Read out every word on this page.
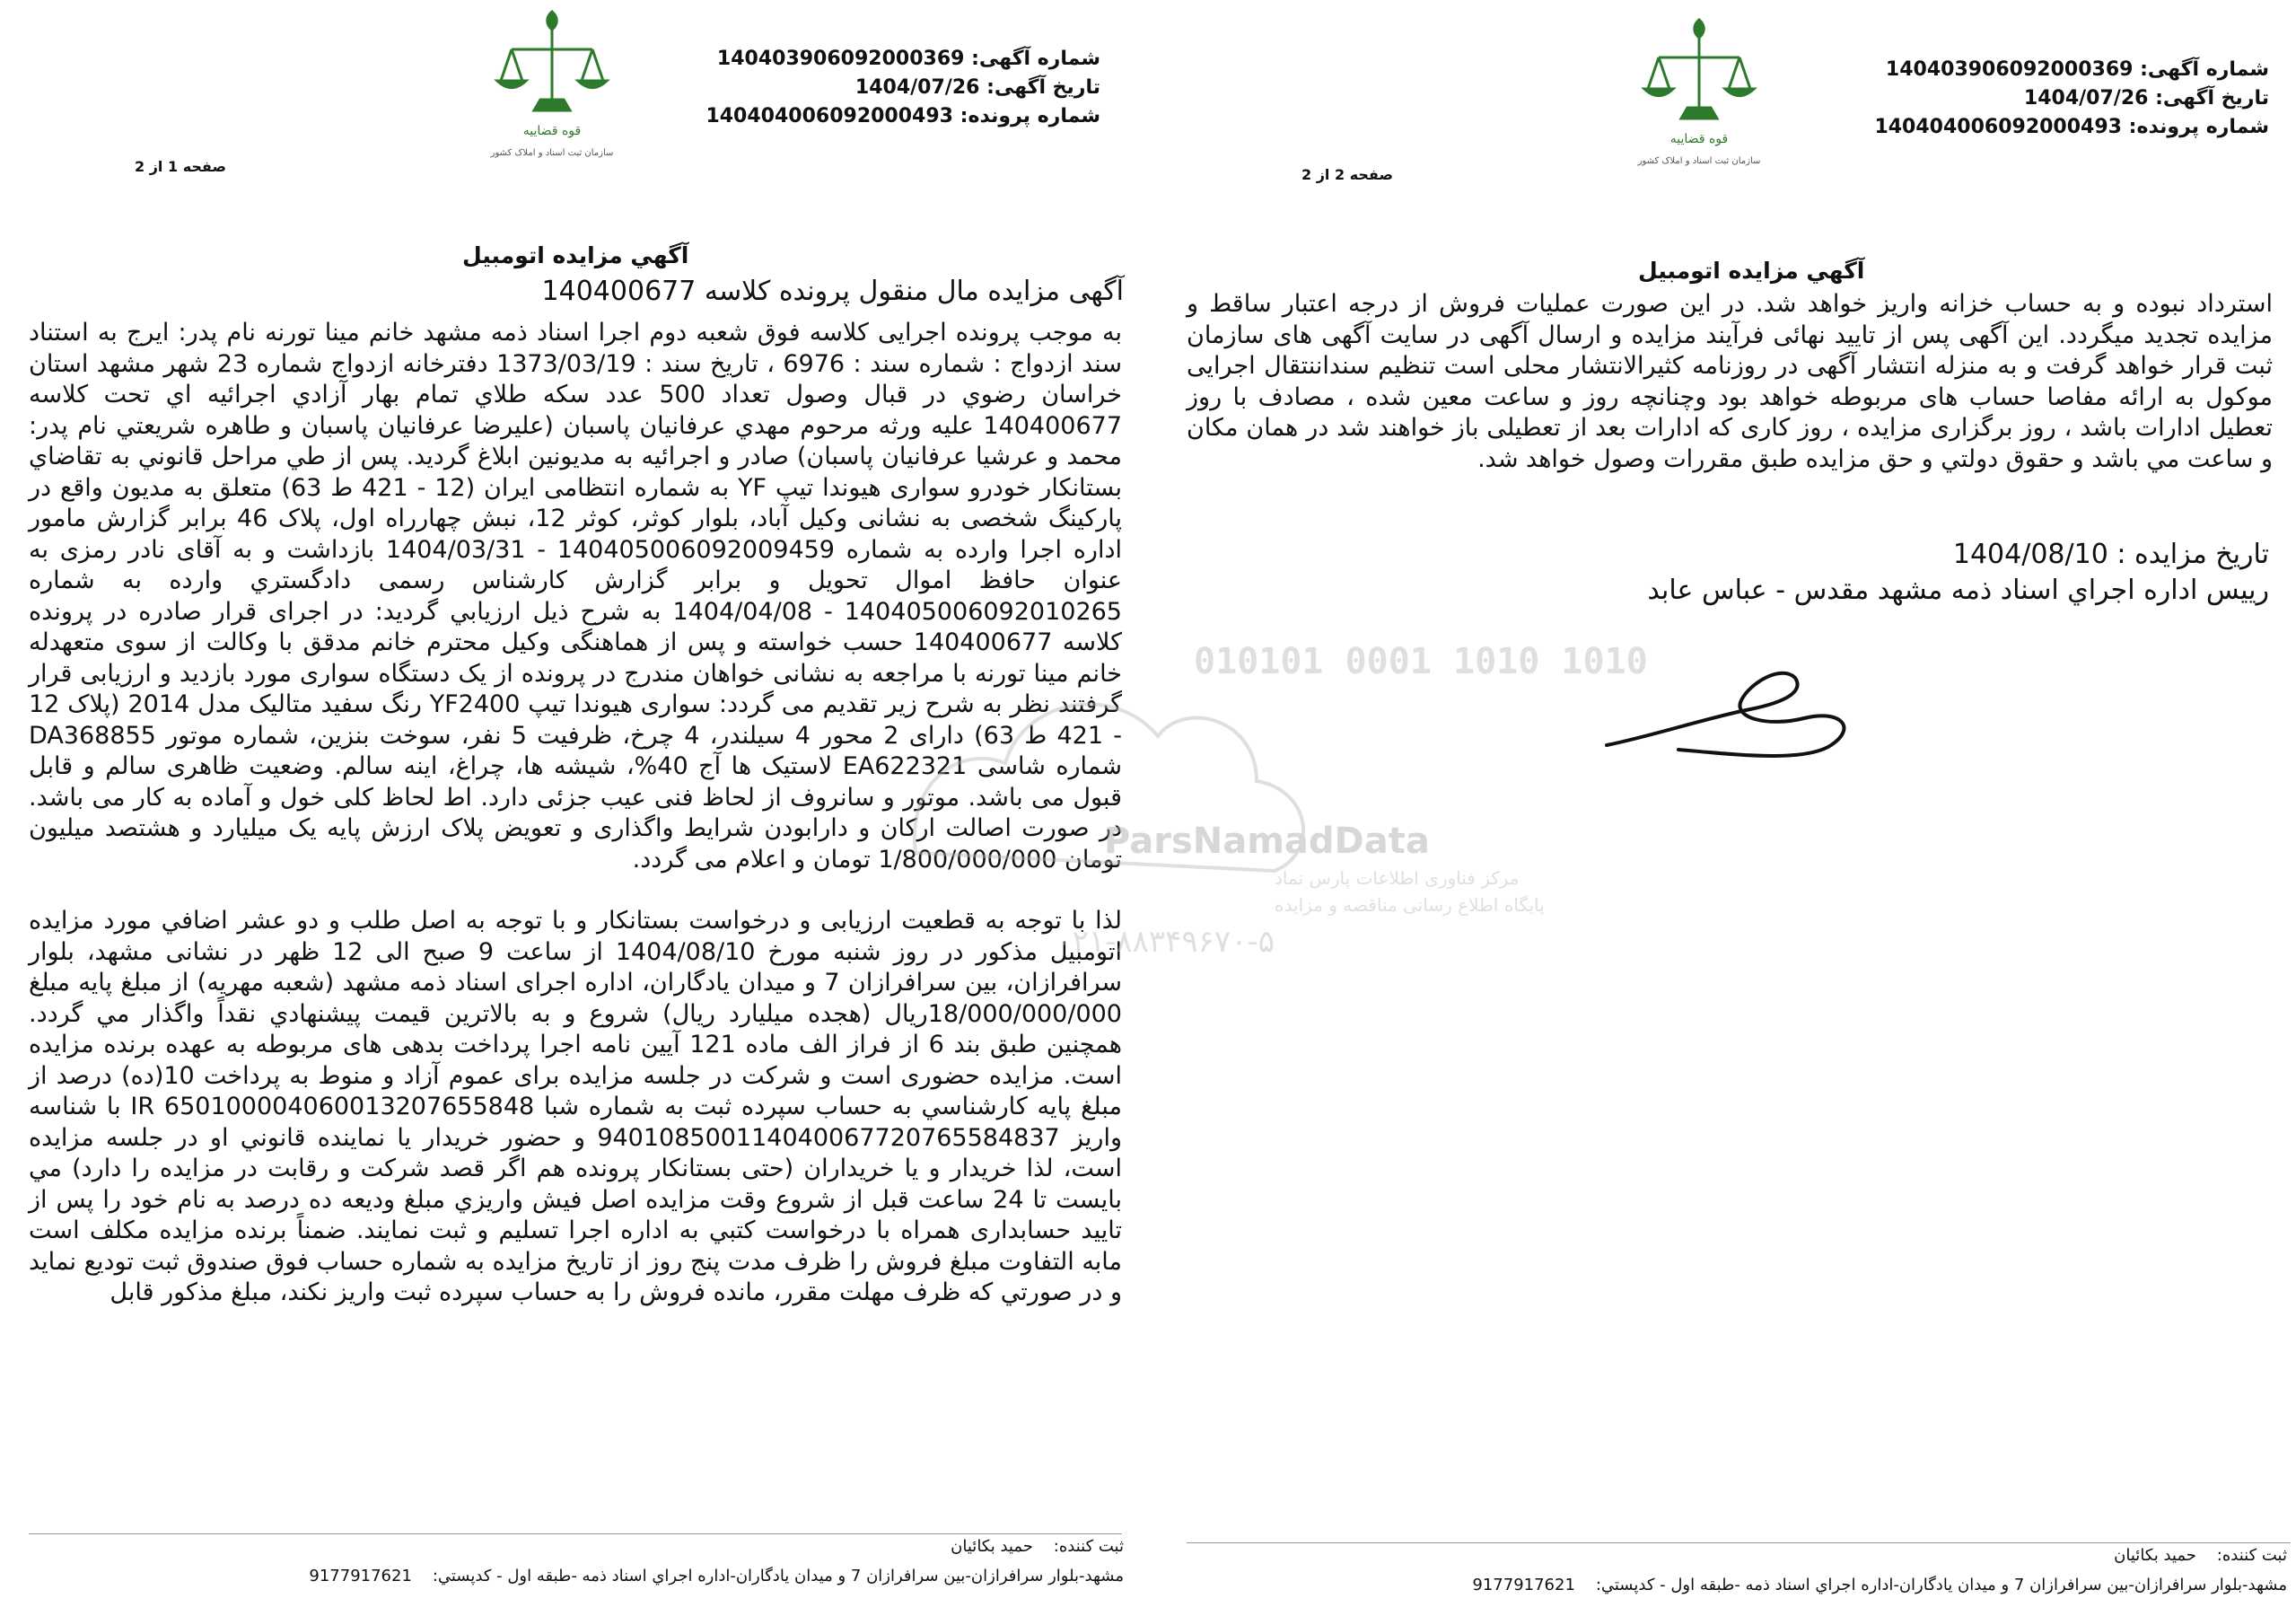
قوه قضاییه
سازمان ثبت اسناد و املاک کشور
شماره آگهی: 140403906092000369
تاریخ آگهی: 1404/07/26
شماره پرونده: 140404006092000493
صفحه 1 از 2
آگهي مزايده اتومبيل
آگهی مزایده مال منقول پرونده کلاسه 140400677

به موجب پرونده اجرایی کلاسه فوق شعبه دوم اجرا اسناد ذمه مشهد خانم مینا تورنه نام پدر: ایرج به استناد سند ازدواج : شماره سند : 6976 ، تاریخ سند : 1373/03/19 دفترخانه ازدواج شماره 23 شهر مشهد استان خراسان رضوي در قبال وصول تعداد 500 عدد سکه طلاي تمام بهار آزادي اجرائيه اي تحت کلاسه 140400677 علیه ورثه مرحوم مهدي عرفانيان پاسبان (عليرضا عرفانيان پاسبان و طاهره شريعتي نام پدر: محمد و عرشيا عرفانيان پاسبان) صادر و اجرائيه به مديونين ابلاغ گرديد. پس از طي مراحل قانوني به تقاضاي بستانکار خودرو سواری هيوندا تيپ YF به شماره انتظامی ايران (12 - 421 ط 63) متعلق به مديون واقع در پارکينگ شخصی به نشانی وکيل آباد، بلوار کوثر، کوثر 12، نبش چهارراه اول، پلاک 46 برابر گزارش مامور اداره اجرا وارده به شماره 140405006092009459 - 1404/03/31 بازداشت و به آقای نادر رمزی به عنوان حافظ اموال تحويل و برابر گزارش کارشناس رسمی دادگستري وارده به شماره 140405006092010265 - 1404/04/08 به شرح ذيل ارزيابي گرديد: در اجرای قرار صادره در پرونده کلاسه 140400677 حسب خواسته و پس از هماهنگی وکيل محترم خانم مدقق با وکالت از سوی متعهدله خانم مينا تورنه با مراجعه به نشانی خواهان مندرج در پرونده از يک دستگاه سواری مورد بازديد و ارزيابی قرار گرفتند نظر به شرح زير تقديم می گردد: سواری هيوندا تيپ YF2400 رنگ سفيد متاليک مدل 2014 (پلاک 12 - 421 ط 63) دارای 2 محور 4 سيلندر، 4 چرخ، ظرفيت 5 نفر، سوخت بنزين، شماره موتور DA368855 شماره شاسی EA622321 لاستيک ها آج 40%، شيشه ها، چراغ، اينه سالم. وضعيت ظاهری سالم و قابل قبول می باشد. موتور و سانروف از لحاظ فنی عيب جزئی دارد. اط لحاظ کلی خول و آماده به کار می باشد. در صورت اصالت ارکان و دارابودن شرايط واگذاری و تعويض پلاک ارزش پايه يک ميليارد و هشتصد ميليون تومان 1/800/000/000 تومان و اعلام می گردد.

لذا با توجه به قطعيت ارزيابی و درخواست بستانکار و با توجه به اصل طلب و دو عشر اضافي مورد مزايده اتومبيل مذکور در روز شنبه مورخ 1404/08/10 از ساعت 9 صبح الی 12 ظهر در نشانی مشهد، بلوار سرافرازان، بين سرافرازان 7 و ميدان يادگاران، اداره اجرای اسناد ذمه مشهد (شعبه مهريه) از مبلغ پايه مبلغ 18/000/000/000ريال (هجده ميليارد ريال) شروع و به بالاترين قيمت پيشنهادي نقداً واگذار مي گردد. همچنين طبق بند 6 از فراز الف ماده 121 آيين نامه اجرا پرداخت بدهی های مربوطه به عهده برنده مزايده است. مزايده حضوری است و شرکت در جلسه مزايده برای عموم آزاد و منوط به پرداخت 10(ده) درصد از مبلغ پايه کارشناسي به حساب سپرده ثبت به شماره شبا IR 650100004060013207655848 با شناسه واريز 940108500114040067720765584837 و حضور خريدار يا نماينده قانوني او در جلسه مزايده است، لذا خريدار و يا خريداران (حتی بستانکار پرونده هم اگر قصد شرکت و رقابت در مزايده را دارد) مي بايست تا 24 ساعت قبل از شروع وقت مزايده اصل فيش واريزي مبلغ وديعه ده درصد به نام خود را پس از تاييد حسابداری همراه با درخواست کتبي به اداره اجرا تسليم و ثبت نمايند. ضمناً برنده مزايده مکلف است مابه التفاوت مبلغ فروش را ظرف مدت پنج روز از تاريخ مزايده به شماره حساب فوق صندوق ثبت توديع نمايد و در صورتي که ظرف مهلت مقرر، مانده فروش را به حساب سپرده ثبت واريز نکند، مبلغ مذکور قابل

ثبت کننده:    حمید بکائیان
مشهد-بلوار سرافرازان-بين سرافرازان 7 و ميدان يادگاران-اداره اجراي اسناد ذمه -طبقه اول - کدپستي:    9177917621
010101 0001 1010 1010
ParsNamadData
مرکز فناوری اطلاعات پارس نماد
پایگاه اطلاع رسانی مناقصه و مزایده
۰۲۱-۸۸۳۴۹۶۷۰-۵
قوه قضاییه
سازمان ثبت اسناد و املاک کشور
شماره آگهی: 140403906092000369
تاریخ آگهی: 1404/07/26
شماره پرونده: 140404006092000493
صفحه 2 از 2
آگهي مزايده اتومبيل

استرداد نبوده و به حساب خزانه واريز خواهد شد. در اين صورت عمليات فروش از درجه اعتبار ساقط و مزايده تجديد ميگردد. اين آگهی پس از تاييد نهائی فرآيند مزايده و ارسال آگهی در سايت آگهی های سازمان ثبت قرار خواهد گرفت و به منزله انتشار آگهی در روزنامه کثيرالانتشار محلی است تنظيم سنداننتقال اجرايی موکول به ارائه مفاصا حساب های مربوطه خواهد بود وچنانچه روز و ساعت معين شده ، مصادف با روز تعطيل ادارات باشد ، روز برگزاری مزايده ، روز کاری که ادارات بعد از تعطيلی باز خواهند شد در همان مکان و ساعت مي باشد و حقوق دولتي و حق مزايده طبق مقررات وصول خواهد شد.

تاريخ مزايده : 1404/08/10
رييس اداره اجراي اسناد ذمه مشهد مقدس - عباس عابد
ثبت کننده:    حمید بکائیان
مشهد-بلوار سرافرازان-بين سرافرازان 7 و ميدان يادگاران-اداره اجراي اسناد ذمه -طبقه اول - کدپستي:    9177917621
